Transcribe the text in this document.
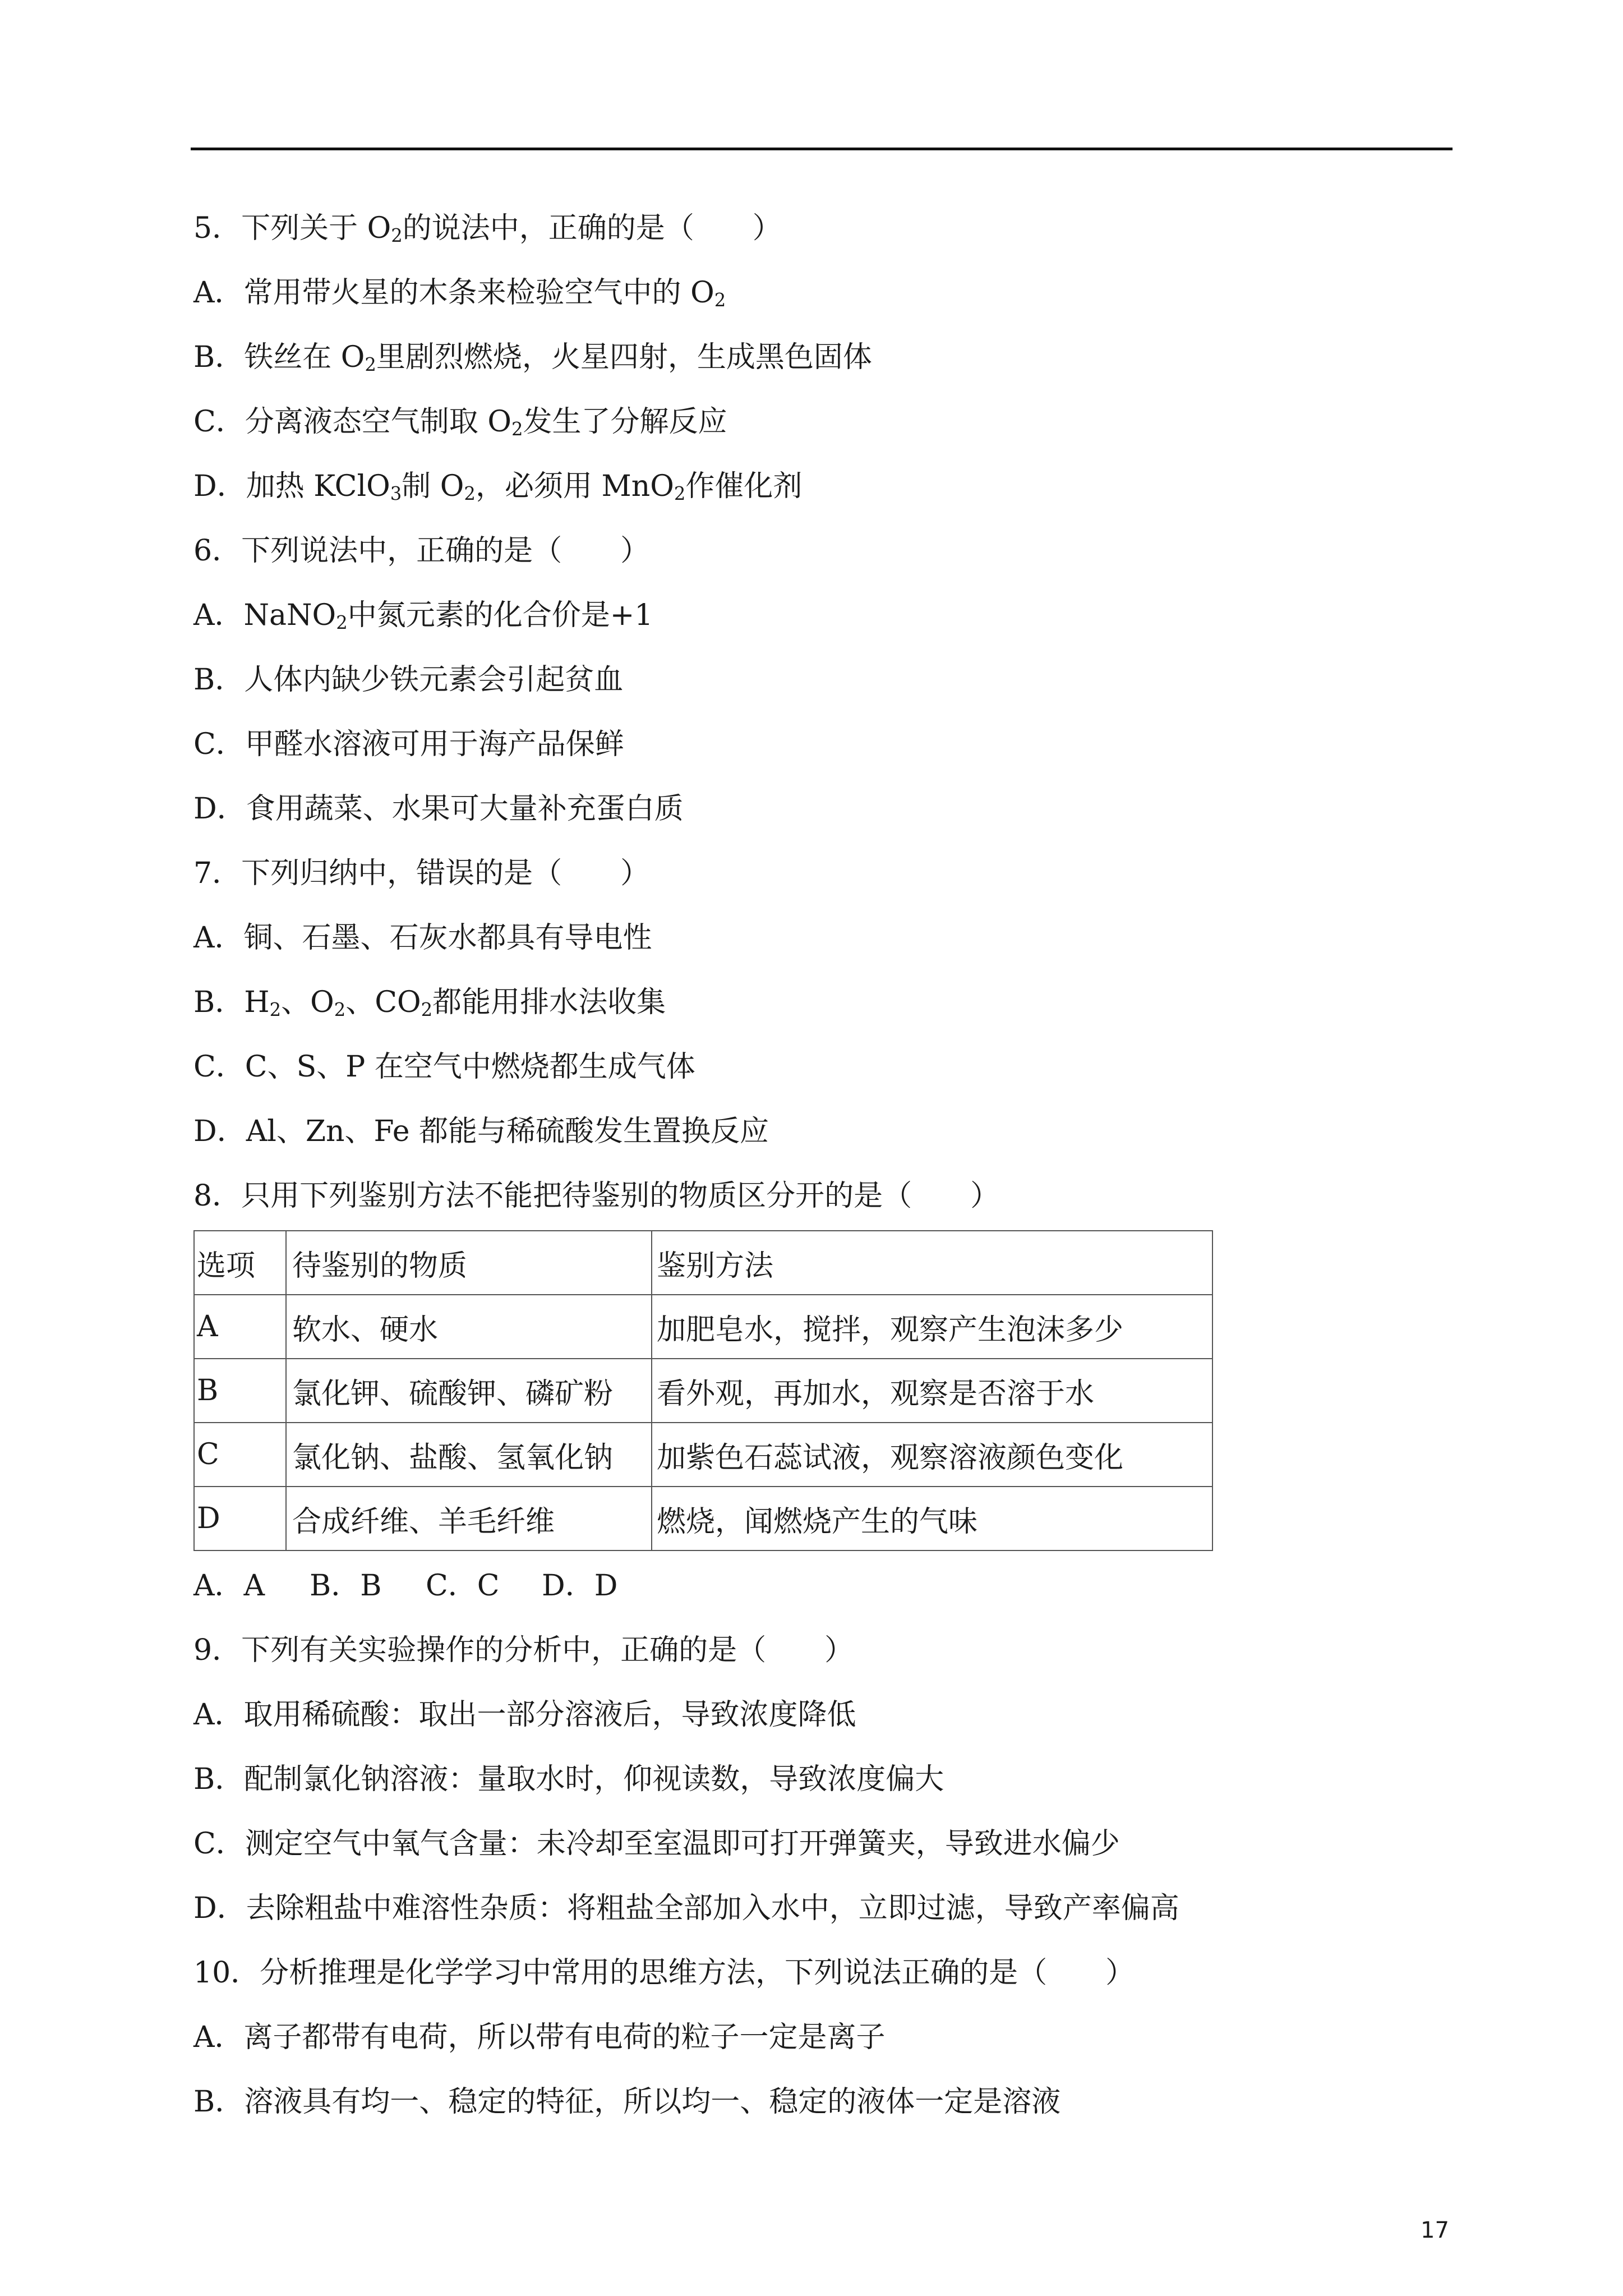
5．下列关于 $O_2$的说法中，正确的是（　　）
A．常用带火星的木条来检验空气中的 $O_2$
B．铁丝在 $O_2$里剧烈燃烧，火星四射，生成黑色固体
C．分离液态空气制取 $O_2$发生了分解反应
D．加热 KClO$_3$制 $O_2$，必须用 MnO$_2$作催化剂
6．下列说法中，正确的是（　　）
A．NaNO$_2$中氮元素的化合价是+1
B．人体内缺少铁元素会引起贫血
C．甲醛水溶液可用于海产品保鲜
D．食用蔬菜、水果可大量补充蛋白质
7．下列归纳中，错误的是（　　）
A．铜、石墨、石灰水都具有导电性
B．$H_2$、$O_2$、$CO_2$都能用排水法收集
C．C、S、P 在空气中燃烧都生成气体
D．Al、Zn、Fe 都能与稀硫酸发生置换反应
8．只用下列鉴别方法不能把待鉴别的物质区分开的是（　　）
选项	待鉴别的物质	鉴别方法
A	软水、硬水	加肥皂水，搅拌，观察产生泡沫多少
B	氯化钾、硫酸钾、磷矿粉	看外观，再加水，观察是否溶于水
C	氯化钠、盐酸、氢氧化钠	加紫色石蕊试液，观察溶液颜色变化
D	合成纤维、羊毛纤维	燃烧，闻燃烧产生的气味
A．A B．B C．C D．D
9．下列有关实验操作的分析中，正确的是（　　）
A．取用稀硫酸：取出一部分溶液后，导致浓度降低
B．配制氯化钠溶液：量取水时，仰视读数，导致浓度偏大
C．测定空气中氧气含量：未冷却至室温即可打开弹簧夹，导致进水偏少
D．去除粗盐中难溶性杂质：将粗盐全部加入水中，立即过滤，导致产率偏高
10．分析推理是化学学习中常用的思维方法，下列说法正确的是（　　）
A．离子都带有电荷，所以带有电荷的粒子一定是离子
B．溶液具有均一、稳定的特征，所以均一、稳定的液体一定是溶液
17
